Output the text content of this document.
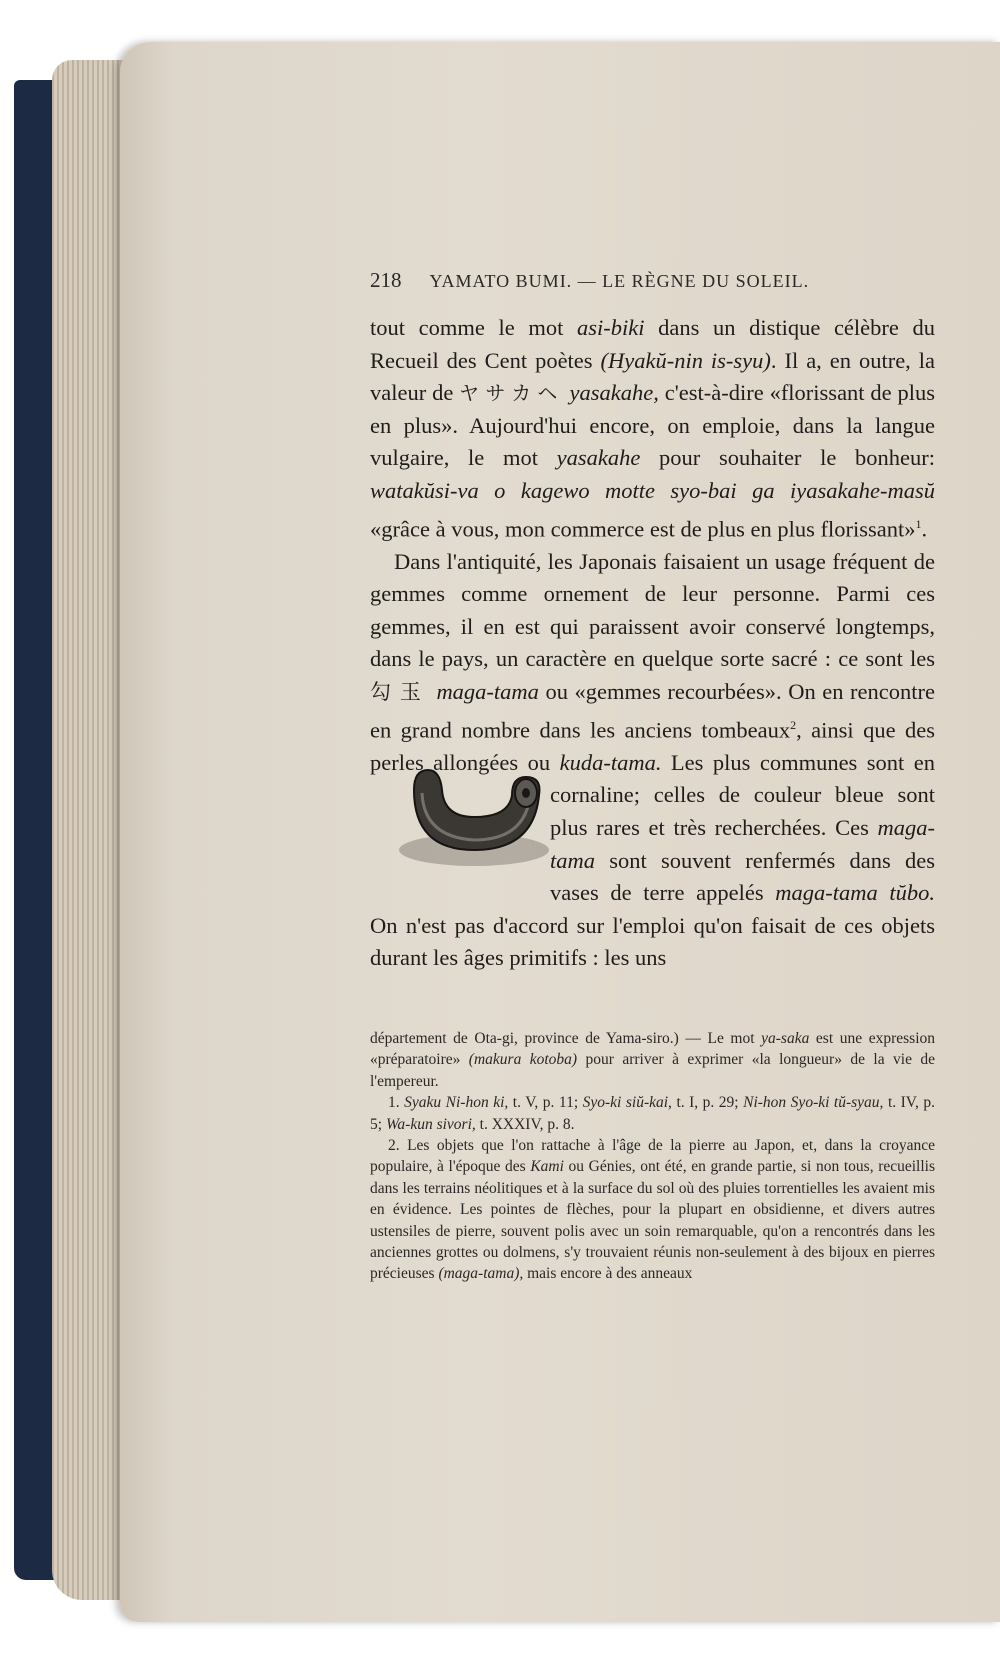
218 YAMATO BUMI. — LE RÈGNE DU SOLEIL.

tout comme le mot asi-biki dans un distique célèbre du Recueil des Cent poètes (Hyakŭ-nin is-syu). Il a, en outre, la valeur de ヤサカヘ yasakahe, c'est-à-dire «florissant de plus en plus». Aujourd'hui encore, on emploie, dans la langue vulgaire, le mot yasakahe pour souhaiter le bonheur: watakŭsi-va o kagewo motte syo-bai ga iyasakahe-masŭ «grâce à vous, mon commerce est de plus en plus florissant»$^1$.

Dans l'antiquité, les Japonais faisaient un usage fréquent de gemmes comme ornement de leur personne. Parmi ces gemmes, il en est qui paraissent avoir conservé longtemps, dans le pays, un caractère en quelque sorte sacré : ce sont les 勾玉 maga-tama ou «gemmes recourbées». On en rencontre en grand nombre dans les anciens tombeaux$^2$, ainsi que des perles allongées ou
kuda-tama. Les plus communes sont en cornaline; celles de couleur bleue sont plus rares et très recherchées. Ces maga-tama sont souvent renfermés dans des vases de terre appelés maga-tama tŭbo. On n'est pas d'accord sur l'emploi qu'on faisait de ces objets durant les âges primitifs : les uns

département de Ota-gi, province de Yama-siro.) — Le mot ya-saka est une expression «préparatoire» (makura kotoba) pour arriver à exprimer «la longueur» de la vie de l'empereur.

1. Syaku Ni-hon ki, t. V, p. 11; Syo-ki siŭ-kai, t. I, p. 29; Ni-hon Syo-ki tŭ-syau, t. IV, p. 5; Wa-kun sivori, t. XXXIV, p. 8.

2. Les objets que l'on rattache à l'âge de la pierre au Japon, et, dans la croyance populaire, à l'époque des Kami ou Génies, ont été, en grande partie, si non tous, recueillis dans les terrains néolitiques et à la surface du sol où des pluies torrentielles les avaient mis en évidence. Les pointes de flèches, pour la plupart en obsidienne, et divers autres ustensiles de pierre, souvent polis avec un soin remarquable, qu'on a rencontrés dans les anciennes grottes ou dolmens, s'y trouvaient réunis non-seulement à des bijoux en pierres précieuses (maga-tama), mais encore à des anneaux
